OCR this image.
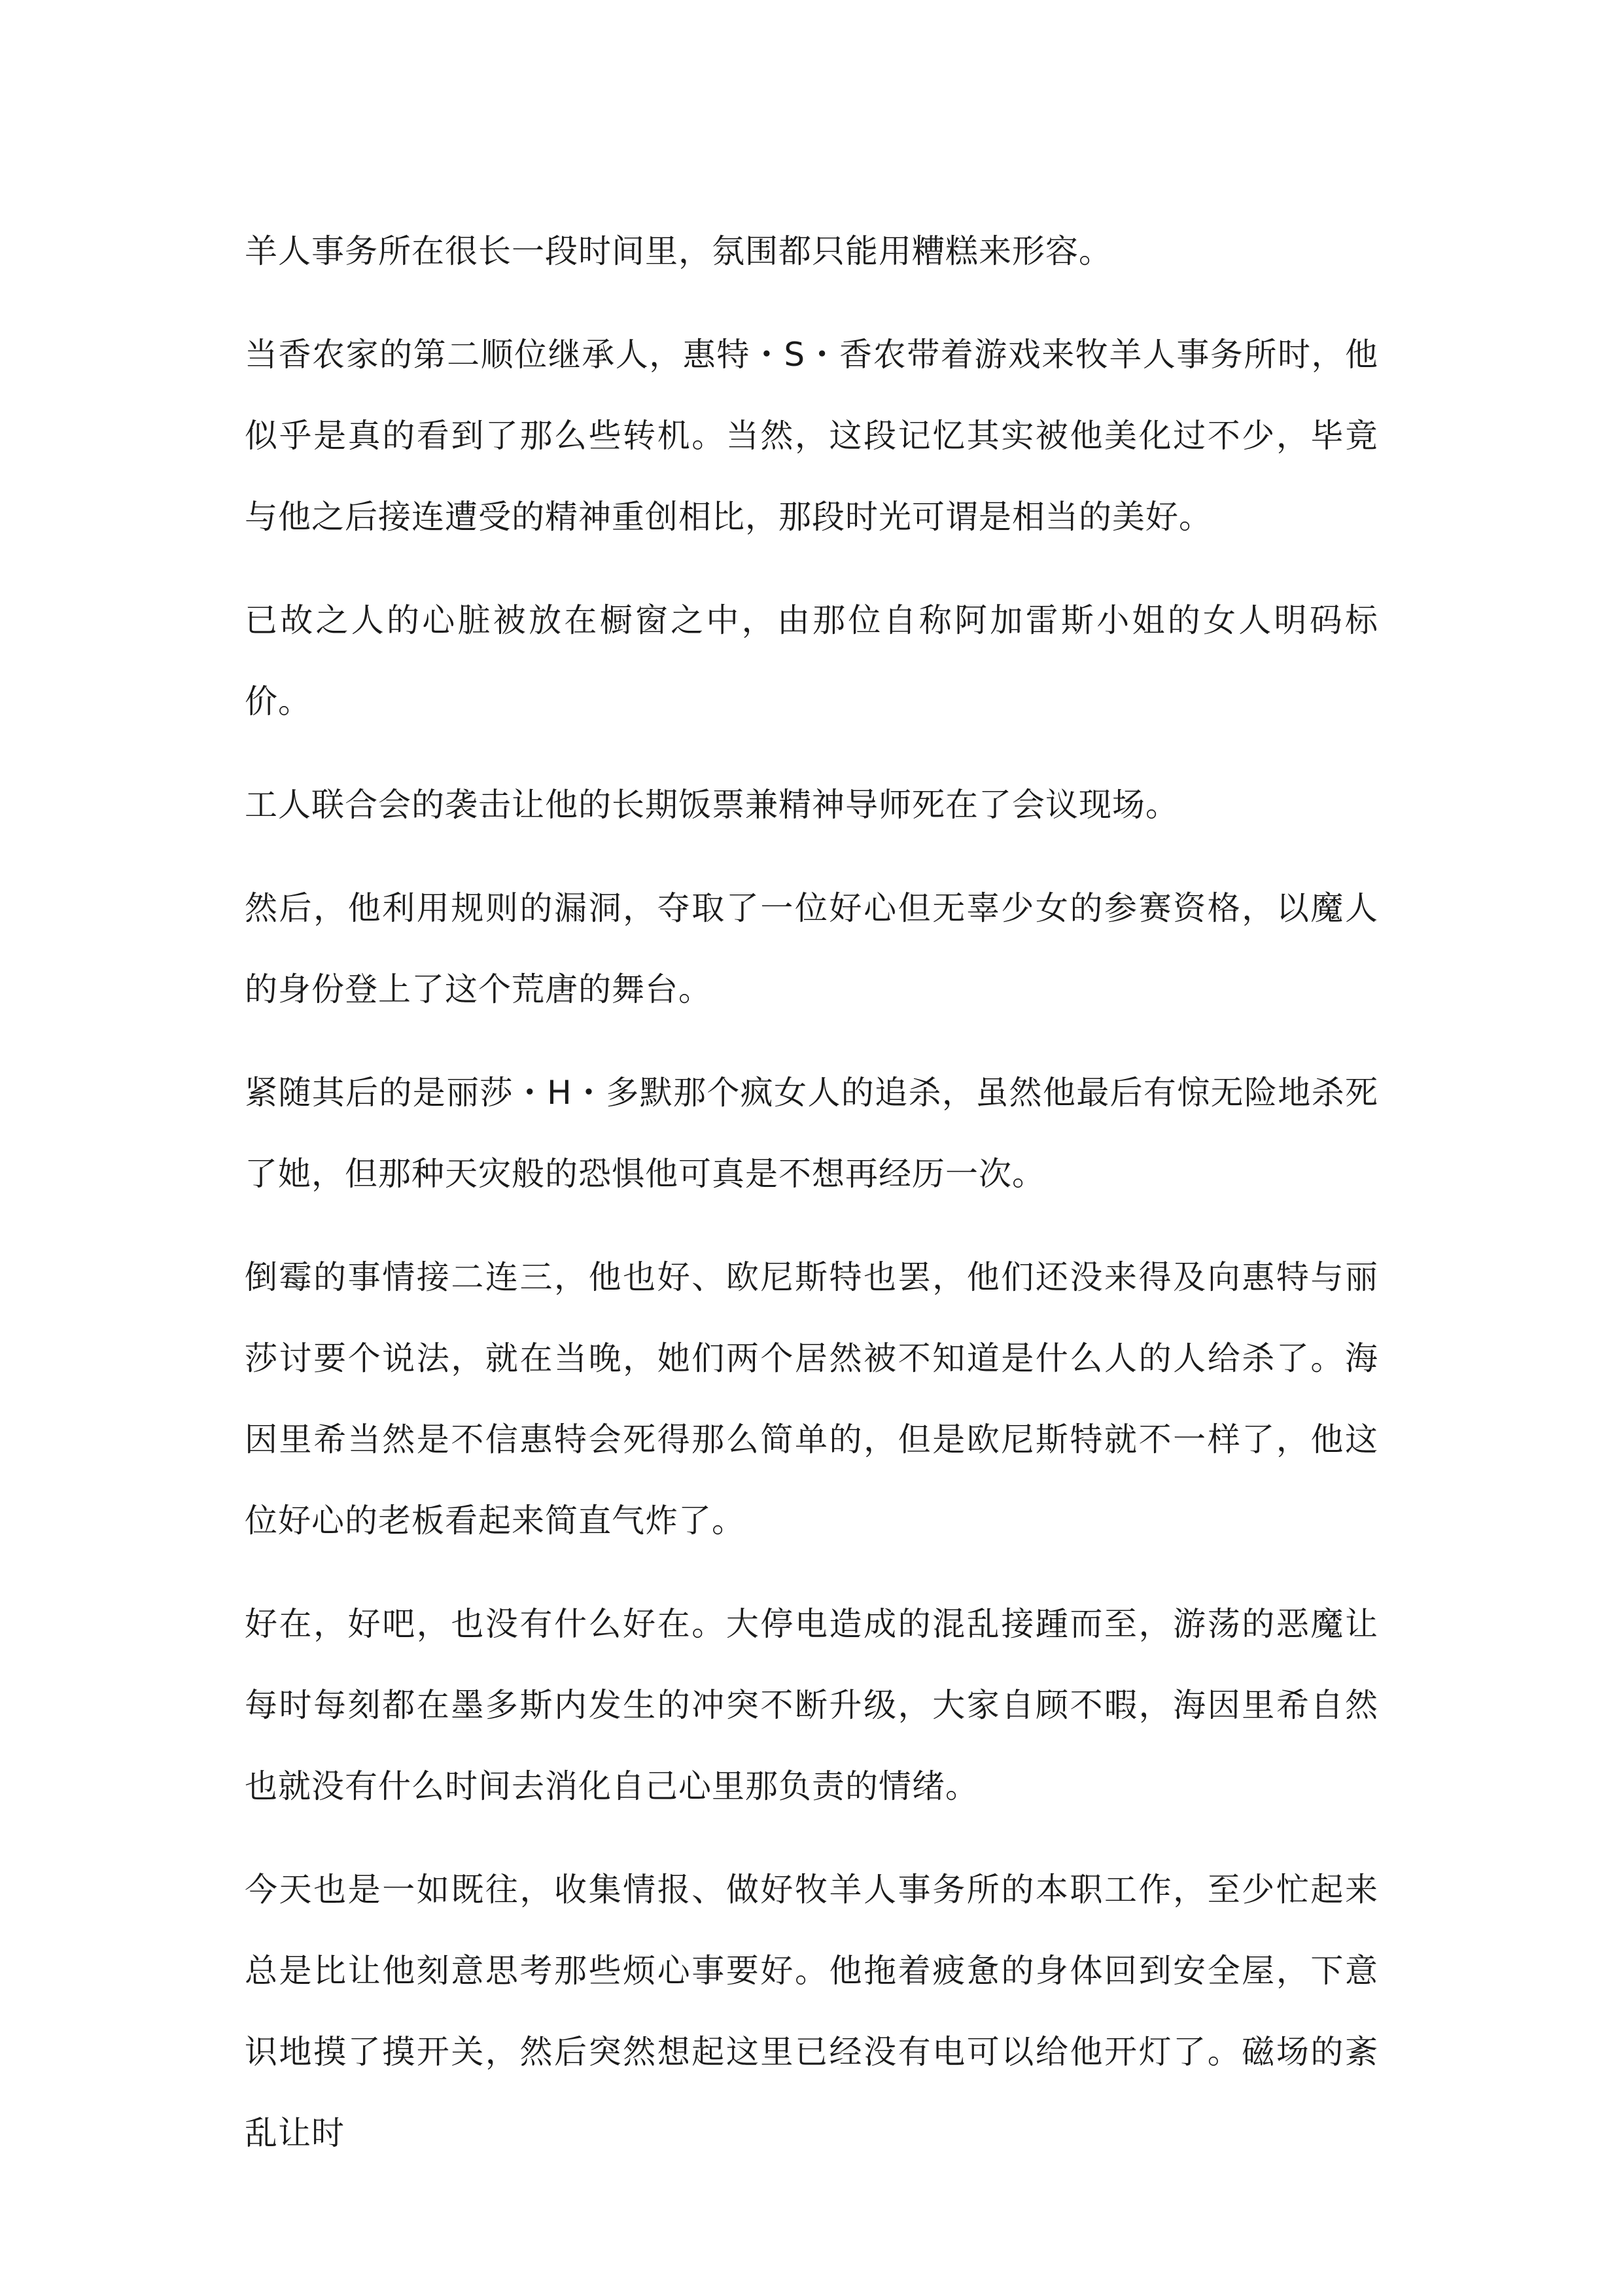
羊人事务所在很长一段时间里，氛围都只能用糟糕来形容。

当香农家的第二顺位继承人，惠特・S・香农带着游戏来牧羊人事务所时，他似乎是真的看到了那么些转机。当然，这段记忆其实被他美化过不少，毕竟与他之后接连遭受的精神重创相比，那段时光可谓是相当的美好。

已故之人的心脏被放在橱窗之中，由那位自称阿加雷斯小姐的女人明码标价。

工人联合会的袭击让他的长期饭票兼精神导师死在了会议现场。

然后，他利用规则的漏洞，夺取了一位好心但无辜少女的参赛资格，以魔人的身份登上了这个荒唐的舞台。

紧随其后的是丽莎・H・多默那个疯女人的追杀，虽然他最后有惊无险地杀死了她，但那种天灾般的恐惧他可真是不想再经历一次。

倒霉的事情接二连三，他也好、欧尼斯特也罢，他们还没来得及向惠特与丽莎讨要个说法，就在当晚，她们两个居然被不知道是什么人的人给杀了。海因里希当然是不信惠特会死得那么简单的，但是欧尼斯特就不一样了，他这位好心的老板看起来简直气炸了。

好在，好吧，也没有什么好在。大停电造成的混乱接踵而至，游荡的恶魔让每时每刻都在墨多斯内发生的冲突不断升级，大家自顾不暇，海因里希自然也就没有什么时间去消化自己心里那负责的情绪。

今天也是一如既往，收集情报、做好牧羊人事务所的本职工作，至少忙起来总是比让他刻意思考那些烦心事要好。他拖着疲惫的身体回到安全屋，下意识地摸了摸开关，然后突然想起这里已经没有电可以给他开灯了。磁场的紊乱让时
